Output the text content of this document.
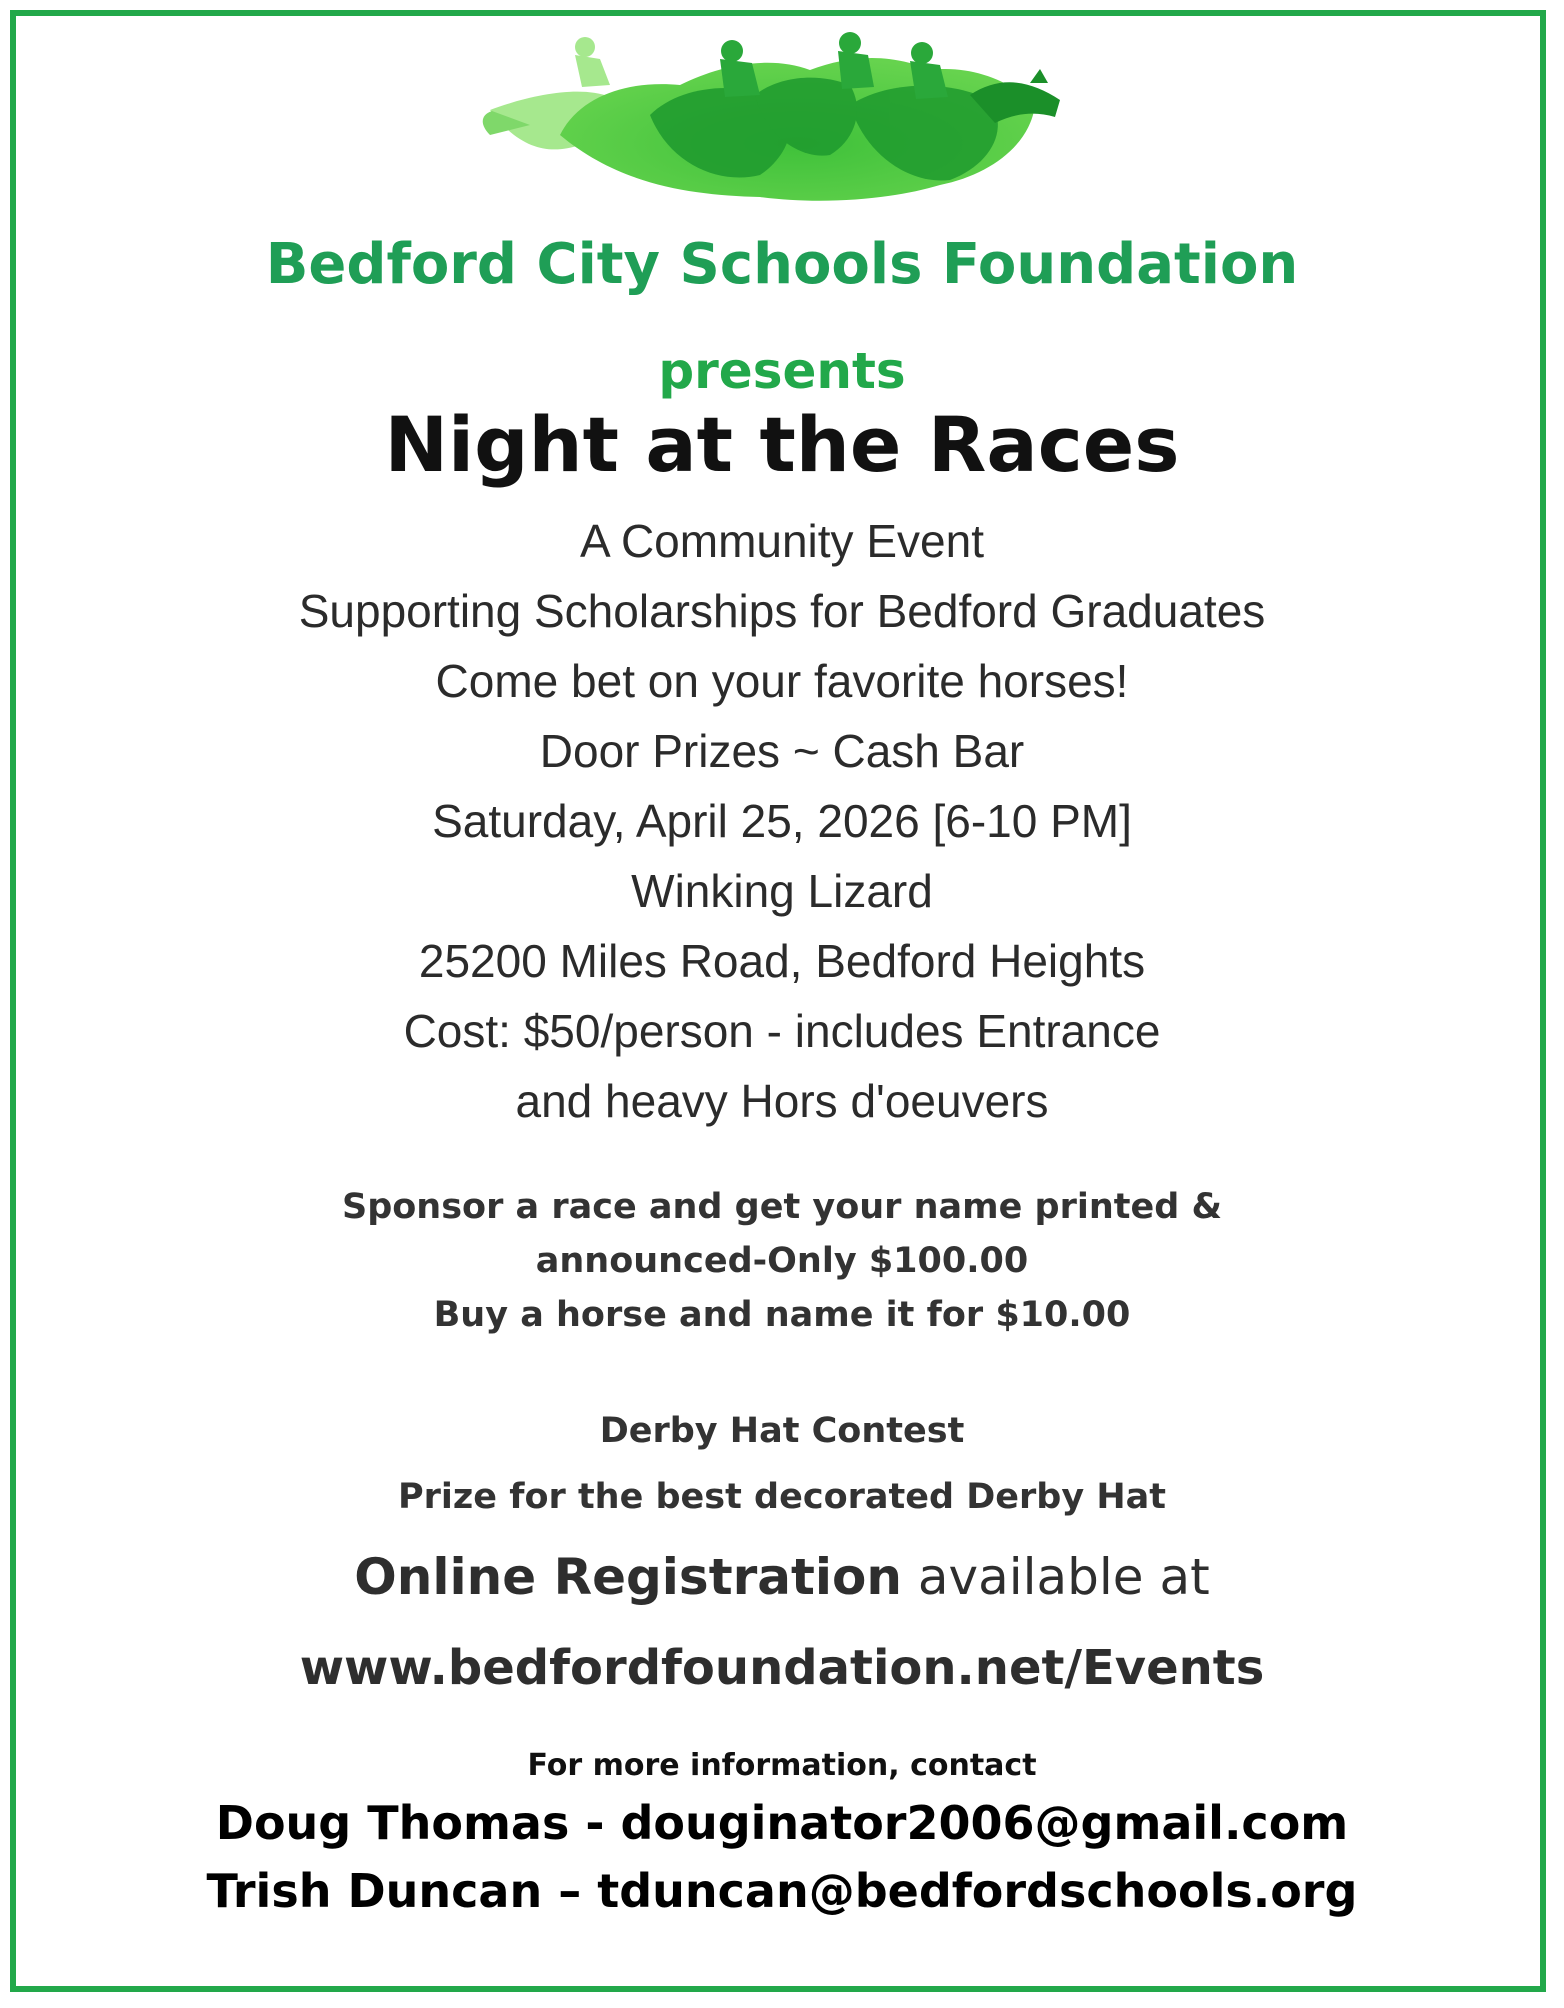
Bedford City Schools Foundation
presents
Night at the Races
A Community Event
Supporting Scholarships for Bedford Graduates
Come bet on your favorite horses!
Door Prizes ~ Cash Bar
Saturday, April 25, 2026 [6-10 PM]
Winking Lizard
25200 Miles Road, Bedford Heights
Cost: $50/person - includes Entrance
and heavy Hors d'oeuvers
Sponsor a race and get your name printed &
announced-Only $100.00
Buy a horse and name it for $10.00
Derby Hat Contest
Prize for the best decorated Derby Hat
Online Registration available at
www.bedfordfoundation.net/Events
For more information, contact
Doug Thomas - douginator2006@gmail.com
Trish Duncan – tduncan@bedfordschools.org
